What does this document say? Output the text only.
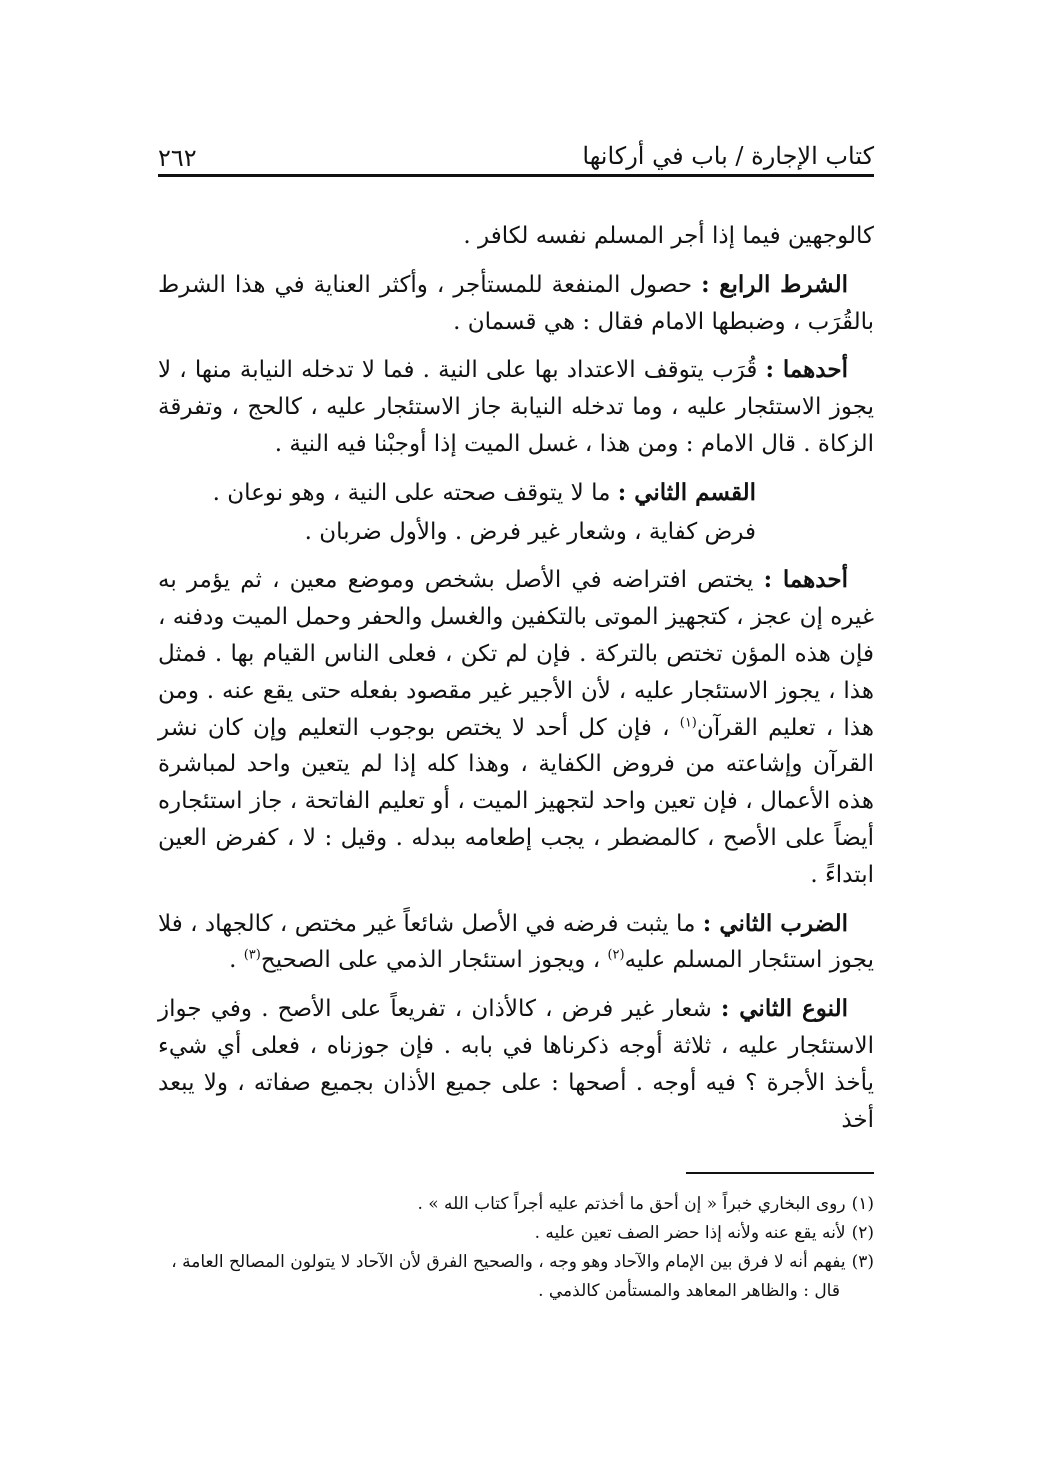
كتاب الإجارة / باب في أركانها
٢٦٢

كالوجهين فيما إذا أجر المسلم نفسه لكافر .

الشرط الرابع : حصول المنفعة للمستأجر ، وأكثر العناية في هذا الشرط بالقُرَب ، وضبطها الامام فقال : هي قسمان .

أحدهما : قُرَب يتوقف الاعتداد بها على النية . فما لا تدخله النيابة منها ، لا يجوز الاستئجار عليه ، وما تدخله النيابة جاز الاستئجار عليه ، كالحج ، وتفرقة الزكاة . قال الامام : ومن هذا ، غسل الميت إذا أوجبْنا فيه النية .

القسم الثاني : ما لا يتوقف صحته على النية ، وهو نوعان .

فرض كفاية ، وشعار غير فرض . والأول ضربان .

أحدهما : يختص افتراضه في الأصل بشخص وموضع معين ، ثم يؤمر به غيره إن عجز ، كتجهيز الموتى بالتكفين والغسل والحفر وحمل الميت ودفنه ، فإن هذه المؤن تختص بالتركة . فإن لم تكن ، فعلى الناس القيام بها . فمثل هذا ، يجوز الاستئجار عليه ، لأن الأجير غير مقصود بفعله حتى يقع عنه . ومن هذا ، تعليم القرآن$^{(١)}$ ، فإن كل أحد لا يختص بوجوب التعليم وإن كان نشر القرآن وإشاعته من فروض الكفاية ، وهذا كله إذا لم يتعين واحد لمباشرة هذه الأعمال ، فإن تعين واحد لتجهيز الميت ، أو تعليم الفاتحة ، جاز استئجاره أيضاً على الأصح ، كالمضطر ، يجب إطعامه ببدله . وقيل : لا ، كفرض العين ابتداءً .

الضرب الثاني : ما يثبت فرضه في الأصل شائعاً غير مختص ، كالجهاد ، فلا يجوز استئجار المسلم عليه$^{(٢)}$ ، ويجوز استئجار الذمي على الصحيح$^{(٣)}$ .

النوع الثاني : شعار غير فرض ، كالأذان ، تفريعاً على الأصح . وفي جواز الاستئجار عليه ، ثلاثة أوجه ذكرناها في بابه . فإن جوزناه ، فعلى أي شيء يأخذ الأجرة ؟ فيه أوجه . أصحها : على جميع الأذان بجميع صفاته ، ولا يبعد أخذ

(١)روى البخاري خبراً « إن أحق ما أخذتم عليه أجراً كتاب الله » .

(٢)لأنه يقع عنه ولأنه إذا حضر الصف تعين عليه .

(٣)يفهم أنه لا فرق بين الإمام والآحاد وهو وجه ، والصحيح الفرق لأن الآحاد لا يتولون المصالح العامة ،

قال : والظاهر المعاهد والمستأمن كالذمي .
